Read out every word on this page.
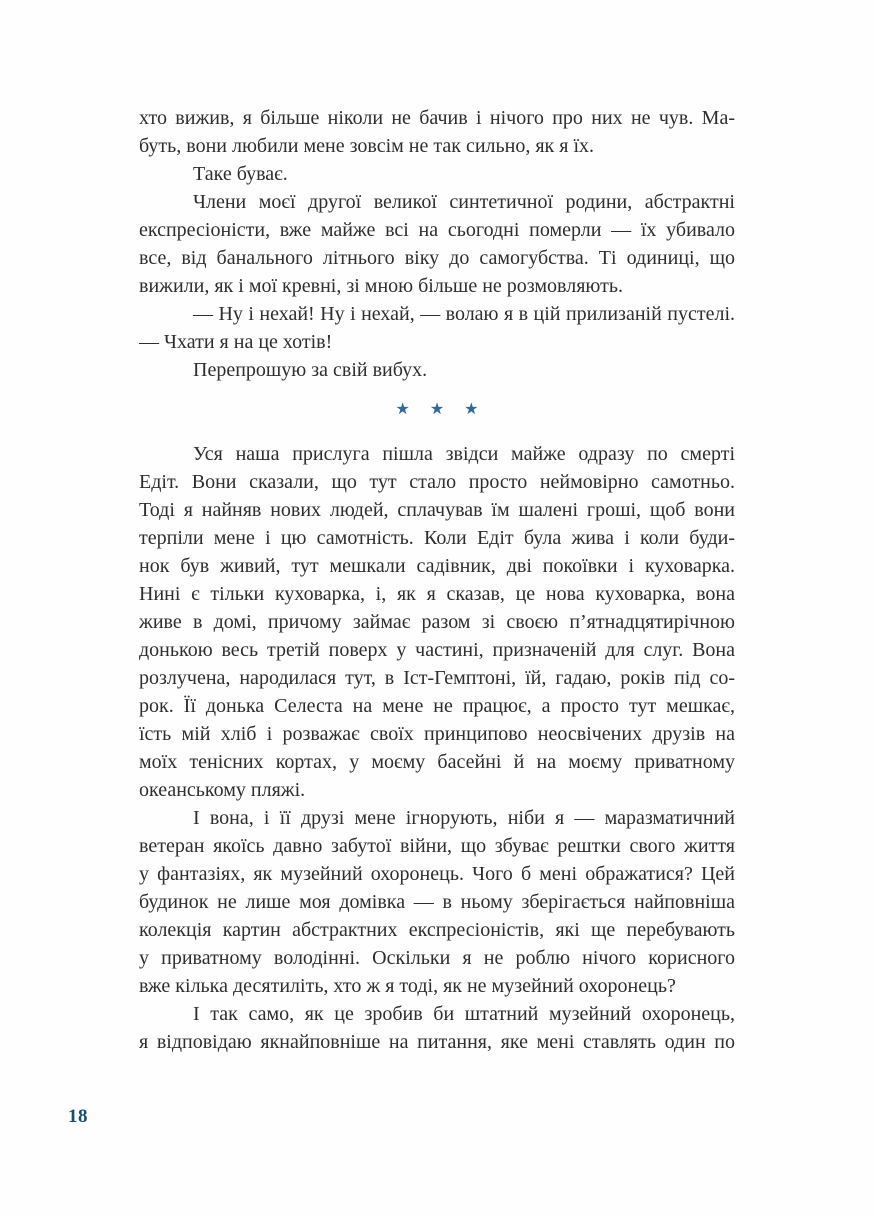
хто вижив, я більше ніколи не бачив і нічого про них не чув. Ма-
буть, вони любили мене зовсім не так сильно, як я їх.
Таке буває.
Члени моєї другої великої синтетичної родини, абстрактні
експресіоністи, вже майже всі на сьогодні померли — їх убивало
все, від банального літнього віку до самогубства. Ті одиниці, що
вижили, як і мої кревні, зі мною більше не розмовляють.
— Ну і нехай! Ну і нехай, — волаю я в цій прилизаній пустелі.
— Чхати я на це хотів!
Перепрошую за свій вибух.
★ ★ ★
Уся наша прислуга пішла звідси майже одразу по смерті
Едіт. Вони сказали, що тут стало просто неймовірно самотньо.
Тоді я найняв нових людей, сплачував їм шалені гроші, щоб вони
терпіли мене і цю самотність. Коли Едіт була жива і коли буди-
нок був живий, тут мешкали садівник, дві покоївки і куховарка.
Нині є тільки куховарка, і, як я сказав, це нова куховарка, вона
живе в домі, причому займає разом зі своєю п’ятнадцятирічною
донькою весь третій поверх у частині, призначеній для слуг. Вона
розлучена, народилася тут, в Іст-Гемптоні, їй, гадаю, років під со-
рок. Її донька Селеста на мене не працює, а просто тут мешкає,
їсть мій хліб і розважає своїх принципово неосвічених друзів на
моїх тенісних кортах, у моєму басейні й на моєму приватному
океанському пляжі.
І вона, і її друзі мене ігнорують, ніби я — маразматичний
ветеран якоїсь давно забутої війни, що збуває рештки свого життя
у фантазіях, як музейний охоронець. Чого б мені ображатися? Цей
будинок не лише моя домівка — в ньому зберігається найповніша
колекція картин абстрактних експресіоністів, які ще перебувають
у приватному володінні. Оскільки я не роблю нічого корисного
вже кілька десятиліть, хто ж я тоді, як не музейний охоронець?
І так само, як це зробив би штатний музейний охоронець,
я відповідаю якнайповніше на питання, яке мені ставлять один по
18
